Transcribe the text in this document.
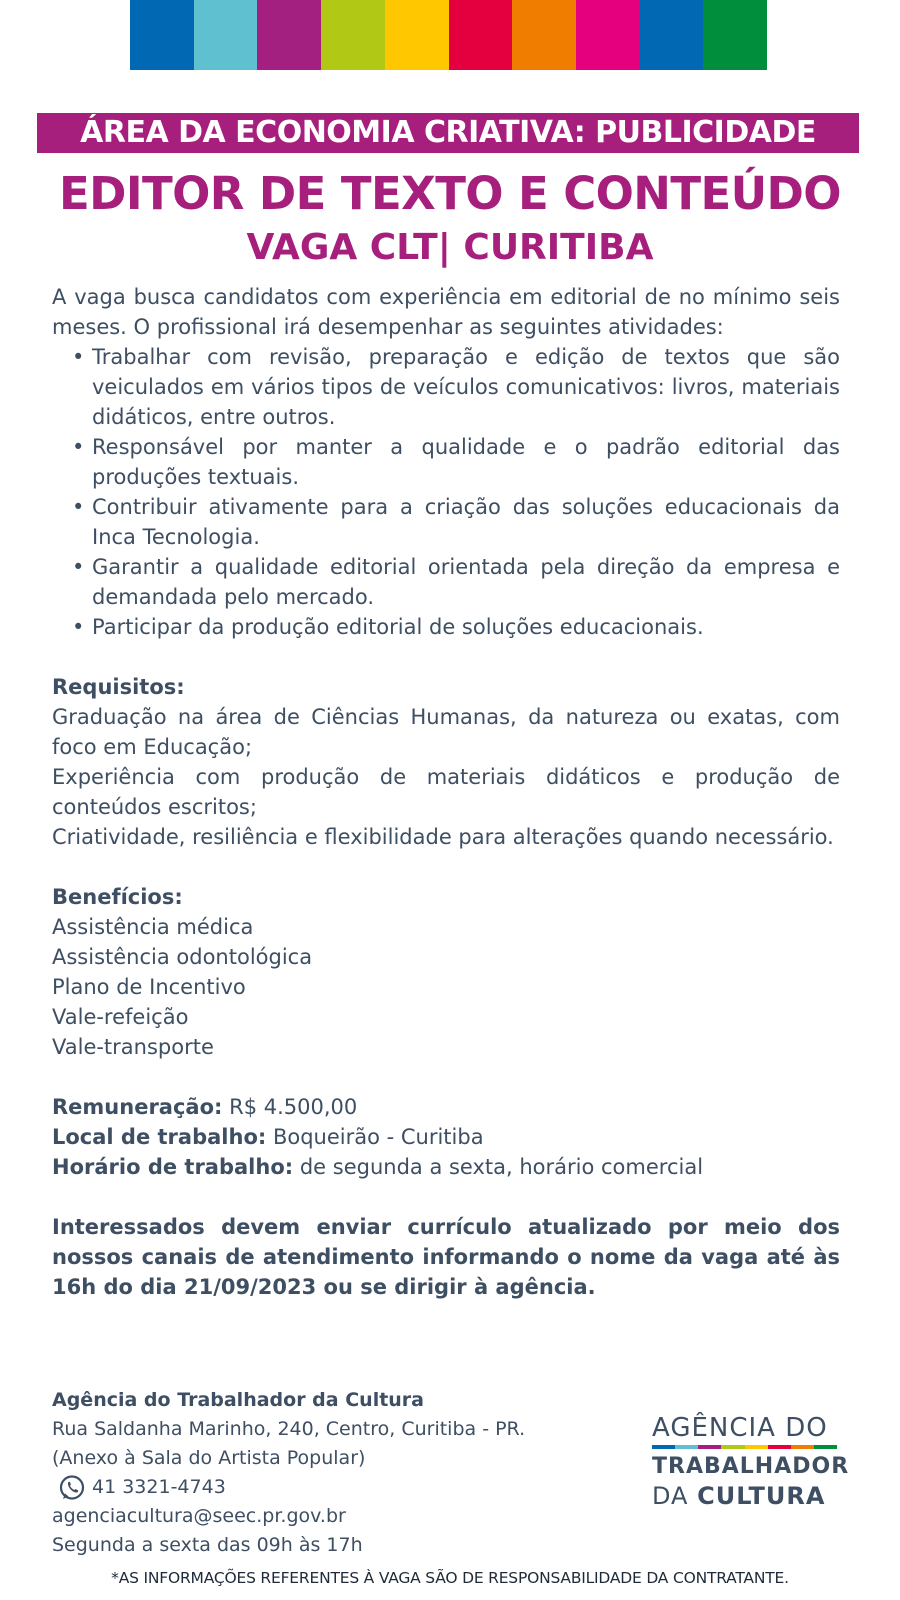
ÁREA DA ECONOMIA CRIATIVA: PUBLICIDADE
EDITOR DE TEXTO E CONTEÚDO
VAGA CLT| CURITIBA

A vaga busca candidatos com experiência em editorial de no mínimo seis meses. O profissional irá desempenhar as seguintes atividades:

• Trabalhar com revisão, preparação e edição de textos que são veiculados em vários tipos de veículos comunicativos: livros, materiais didáticos, entre outros.
• Responsável por manter a qualidade e o padrão editorial das produções textuais.
• Contribuir ativamente para a criação das soluções educacionais da Inca Tecnologia.
• Garantir a qualidade editorial orientada pela direção da empresa e demandada pelo mercado.
• Participar da produção editorial de soluções educacionais.
Requisitos:
Graduação na área de Ciências Humanas, da natureza ou exatas, com foco em Educação;
Experiência com produção de materiais didáticos e produção de conteúdos escritos;
Criatividade, resiliência e flexibilidade para alterações quando necessário.
Benefícios:
Assistência médica
Assistência odontológica
Plano de Incentivo
Vale-refeição
Vale-transporte
Remuneração: R$ 4.500,00
Local de trabalho: Boqueirão - Curitiba
Horário de trabalho: de segunda a sexta, horário comercial

Interessados devem enviar currículo atualizado por meio dos nossos canais de atendimento informando o nome da vaga até às 16h do dia 21/09/2023 ou se dirigir à agência.

Agência do Trabalhador da Cultura
Rua Saldanha Marinho, 240, Centro, Curitiba - PR.
(Anexo à Sala do Artista Popular)
41 3321-4743
agenciacultura@seec.pr.gov.br
Segunda a sexta das 09h às 17h
AGÊNCIA DO
TRABALHADOR
DA CULTURA
*AS INFORMAÇÕES REFERENTES À VAGA SÃO DE RESPONSABILIDADE DA CONTRATANTE.
